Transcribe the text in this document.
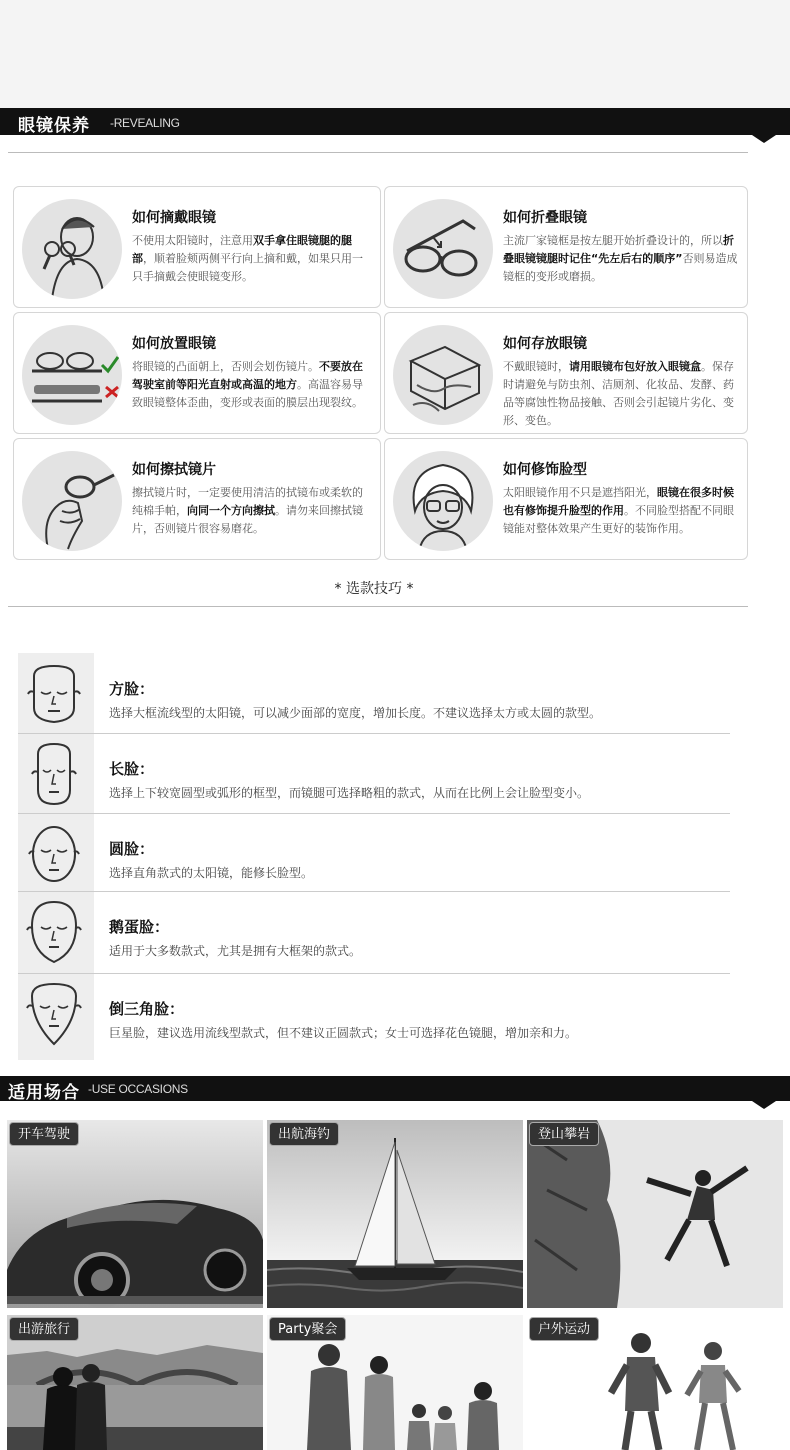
眼镜保养 -REVEALING
如何摘戴眼镜
不使用太阳镜时，注意用双手拿住眼镜腿的腿部，顺着脸颊两侧平行向上摘和戴，如果只用一只手摘戴会使眼镜变形。
如何折叠眼镜
主流厂家镜框是按左腿开始折叠设计的，所以折叠眼镜镜腿时记住“先左后右的顺序”否则易造成镜框的变形或磨损。
如何放置眼镜
将眼镜的凸面朝上，否则会划伤镜片。不要放在驾驶室前等阳光直射或高温的地方。高温容易导致眼镜整体歪曲，变形或表面的膜层出现裂纹。
如何存放眼镜
不戴眼镜时，请用眼镜布包好放入眼镜盒。保存时请避免与防虫剂、洁厕剂、化妆品、发酵、药品等腐蚀性物品接触、否则会引起镜片劣化、变形、变色。
如何擦拭镜片
擦拭镜片时，一定要使用清洁的拭镜布或柔软的纯棉手帕，向同一个方向擦拭。请勿来回擦拭镜片，否则镜片很容易磨花。
如何修饰脸型
太阳眼镜作用不只是遮挡阳光，眼镜在很多时候也有修饰提升脸型的作用。不同脸型搭配不同眼镜能对整体效果产生更好的装饰作用。
* 选款技巧 *
方脸：
选择大框流线型的太阳镜，可以减少面部的宽度，增加长度。不建议选择太方或太圆的款型。
长脸：
选择上下较宽圆型或弧形的框型，而镜腿可选择略粗的款式，从而在比例上会让脸型变小。
圆脸：
选择直角款式的太阳镜，能修长脸型。
鹅蛋脸：
适用于大多数款式，尤其是拥有大框架的款式。
倒三角脸：
巨星脸，建议选用流线型款式，但不建议正圆款式；女士可选择花色镜腿，增加亲和力。
适用场合 -USE OCCASIONS
开车驾驶	出航海钓	登山攀岩
出游旅行	Party聚会	户外运动
